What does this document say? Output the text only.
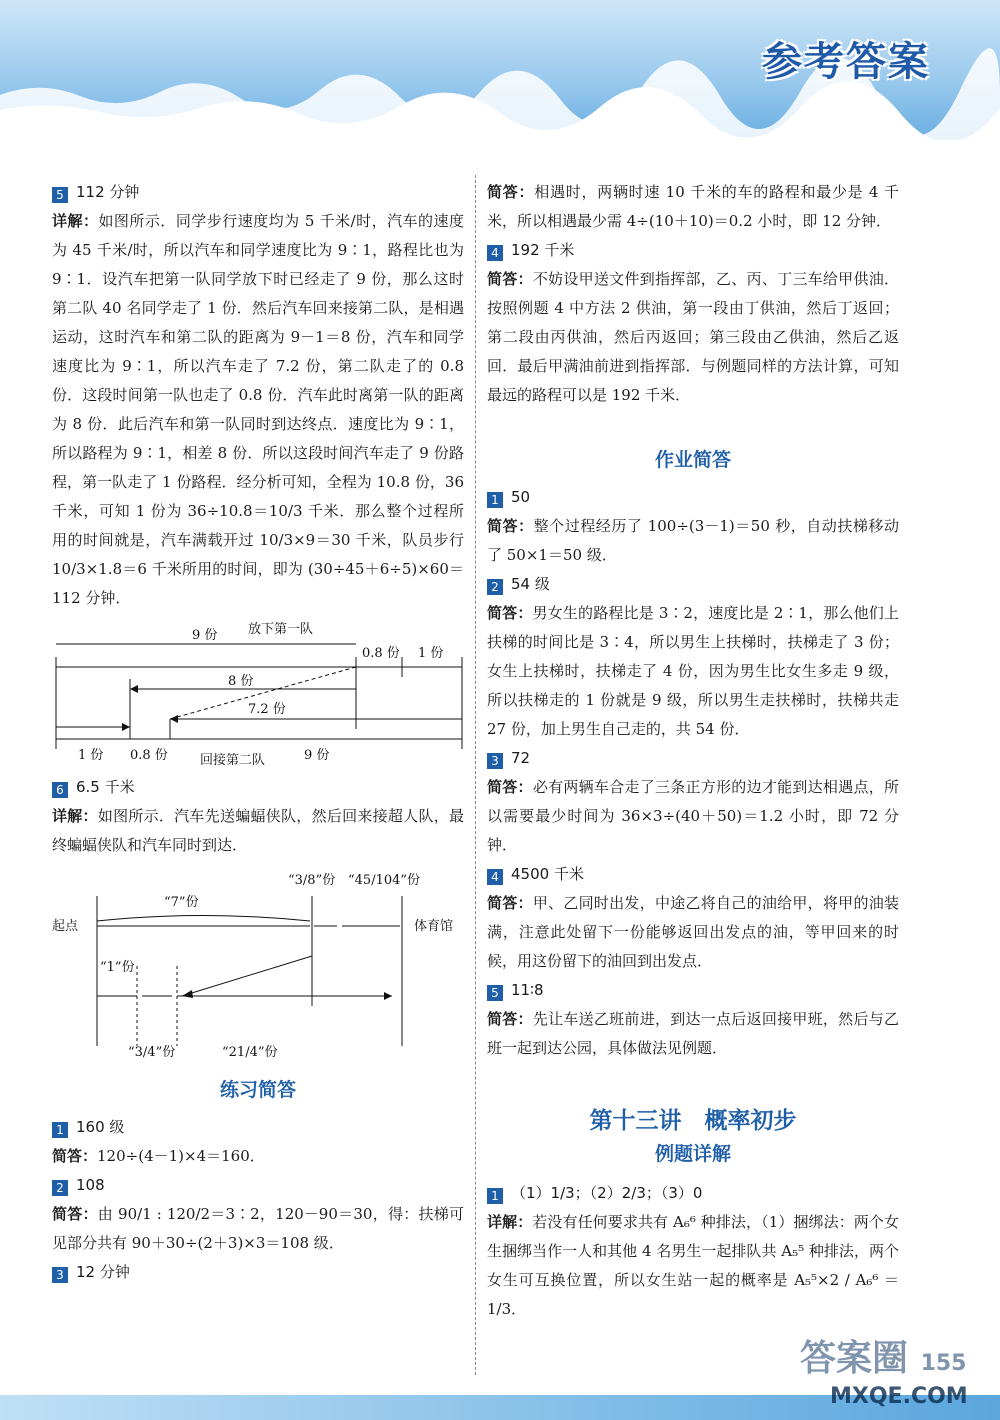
参考答案

5 112 分钟

详解：如图所示．同学步行速度均为 5 千米/时，汽车的速度为 45 千米/时，所以汽车和同学速度比为 9∶1，路程比也为 9∶1．设汽车把第一队同学放下时已经走了 9 份，那么这时第二队 40 名同学走了 1 份．然后汽车回来接第二队，是相遇运动，这时汽车和第二队的距离为 9－1＝8 份，汽车和同学速度比为 9∶1，所以汽车走了 7.2 份，第二队走了的 0.8 份．这段时间第一队也走了 0.8 份．汽车此时离第一队的距离为 8 份．此后汽车和第一队同时到达终点．速度比为 9∶1，所以路程为 9∶1，相差 8 份．所以这段时间汽车走了 9 份路程，第一队走了 1 份路程．经分析可知，全程为 10.8 份，36 千米，可知 1 份为 36÷10.8＝10/3 千米．那么整个过程所用的时间就是，汽车满载开过 10/3×9＝30 千米，队员步行 10/3×1.8＝6 千米所用的时间，即为 (30÷45＋6÷5)×60＝112 分钟．

9 份 放下第一队
0.8 份 1 份
8 份
7.2 份
1 份 0.8 份 回接第二队	9 份

6 6.5 千米

详解：如图所示．汽车先送蝙蝠侠队，然后回来接超人队，最终蝙蝠侠队和汽车同时到达．

起点	体育馆
“7”份
“3/8”份 “45/104”份
“1”份
“3/4”份	“21/4”份
练习简答

1 160 级

简答：120÷(4－1)×4＝160．

2 108

简答：由 90/1 : 120/2＝3∶2，120－90＝30，得：扶梯可见部分共有 90＋30÷(2＋3)×3＝108 级．

3 12 分钟

简答：相遇时，两辆时速 10 千米的车的路程和最少是 4 千米，所以相遇最少需 4÷(10＋10)＝0.2 小时，即 12 分钟．

4 192 千米

简答：不妨设甲送文件到指挥部，乙、丙、丁三车给甲供油．按照例题 4 中方法 2 供油，第一段由丁供油，然后丁返回；第二段由丙供油，然后丙返回；第三段由乙供油，然后乙返回．最后甲满油前进到指挥部．与例题同样的方法计算，可知最远的路程可以是 192 千米．

作业简答

1 50

简答：整个过程经历了 100÷(3－1)＝50 秒，自动扶梯移动了 50×1＝50 级．

2 54 级

简答：男女生的路程比是 3∶2，速度比是 2∶1，那么他们上扶梯的时间比是 3∶4，所以男生上扶梯时，扶梯走了 3 份；女生上扶梯时，扶梯走了 4 份，因为男生比女生多走 9 级，所以扶梯走的 1 份就是 9 级，所以男生走扶梯时，扶梯共走 27 份，加上男生自己走的，共 54 份．

3 72

简答：必有两辆车合走了三条正方形的边才能到达相遇点，所以需要最少时间为 36×3÷(40＋50)＝1.2 小时，即 72 分钟．

4 4500 千米

简答：甲、乙同时出发，中途乙将自己的油给甲，将甲的油装满，注意此处留下一份能够返回出发点的油，等甲回来的时候，用这份留下的油回到出发点．

5 11∶8

简答：先让车送乙班前进，到达一点后返回接甲班，然后与乙班一起到达公园，具体做法见例题．

第十三讲　概率初步
例题详解

1 （1）1/3；（2）2/3；（3）0

详解：若没有任何要求共有 A₆⁶ 种排法，（1）捆绑法：两个女生捆绑当作一人和其他 4 名男生一起排队共 A₅⁵ 种排法，两个女生可互换位置，所以女生站一起的概率是 A₅⁵×2 / A₆⁶ ＝ 1/3．

答案圈 155
MXQE.COM
